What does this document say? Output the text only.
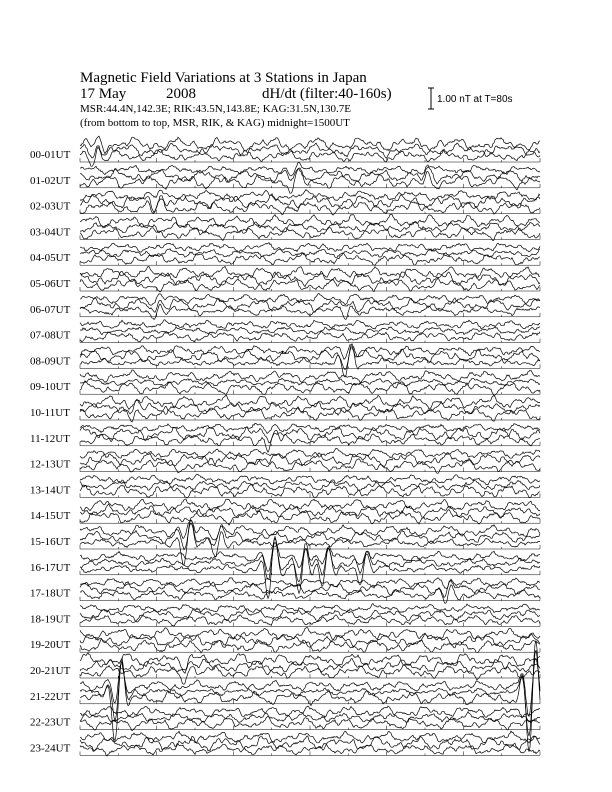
00-01UT
01-02UT
02-03UT
03-04UT
04-05UT
05-06UT
06-07UT
07-08UT
08-09UT
09-10UT
10-11UT
11-12UT
12-13UT
13-14UT
14-15UT
15-16UT
16-17UT
17-18UT
18-19UT
19-20UT
20-21UT
21-22UT
22-23UT
23-24UT
Magnetic Field Variations at 3 Stations in Japan
17 May	2008	dH/dt (filter:40-160s)
MSR:44.4N,142.3E; RIK:43.5N,143.8E; KAG:31.5N,130.7E
(from bottom to top, MSR, RIK, & KAG) midnight=1500UT
1.00 nT at T=80s
